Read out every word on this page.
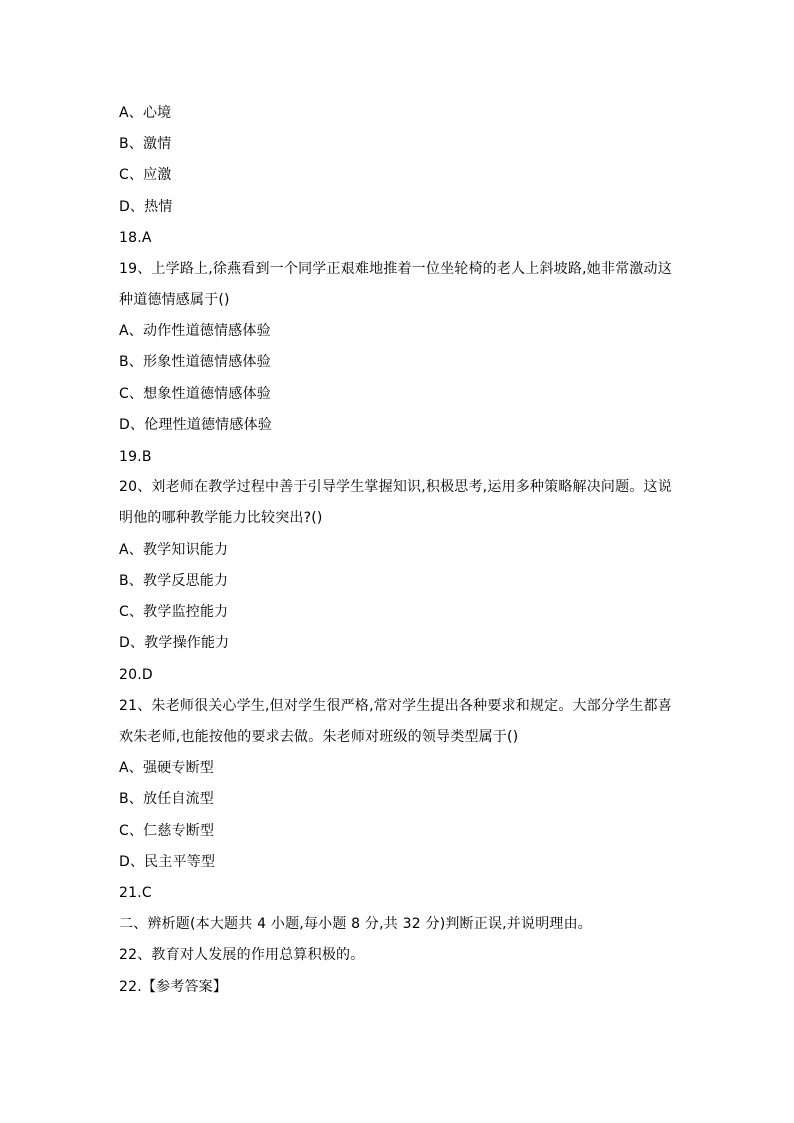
A、心境
B、激情
C、应激
D、热情
18.A
19、上学路上,徐燕看到一个同学正艰难地推着一位坐轮椅的老人上斜坡路,她非常激动这
种道德情感属于()
A、动作性道德情感体验
B、形象性道德情感体验
C、想象性道德情感体验
D、伦理性道德情感体验
19.B
20、刘老师在教学过程中善于引导学生掌握知识,积极思考,运用多种策略解决问题。这说
明他的哪种教学能力比较突出?()
A、教学知识能力
B、教学反思能力
C、教学监控能力
D、教学操作能力
20.D
21、朱老师很关心学生,但对学生很严格,常对学生提出各种要求和规定。大部分学生都喜
欢朱老师,也能按他的要求去做。朱老师对班级的领导类型属于()
A、强硬专断型
B、放任自流型
C、仁慈专断型
D、民主平等型
21.C
二、辨析题(本大题共 4 小题,每小题 8 分,共 32 分)判断正误,并说明理由。
22、教育对人发展的作用总算积极的。
22.【参考答案】
